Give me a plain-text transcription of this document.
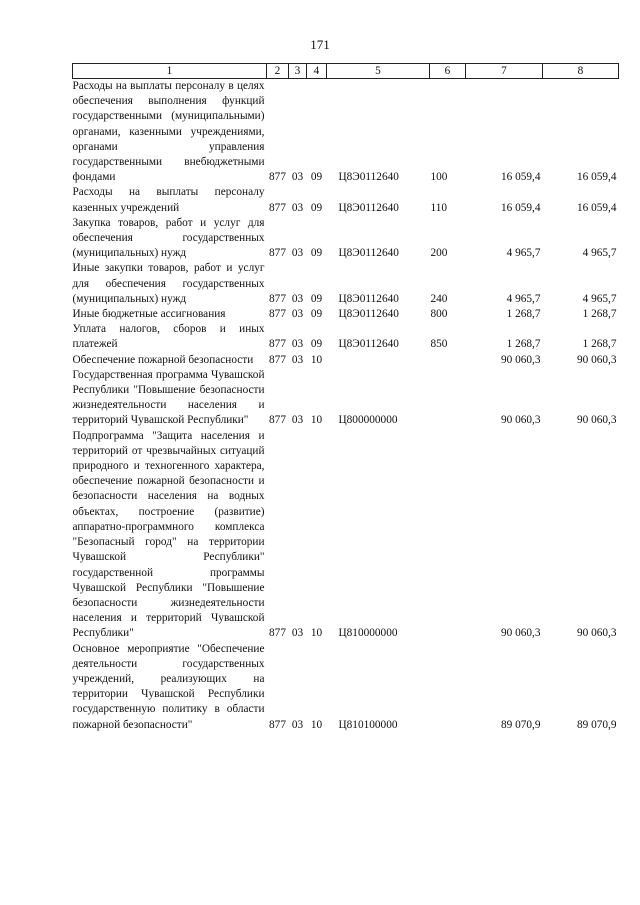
171
1	2	3	4	5	6	7	8
Расходы на выплаты персоналу в целях обеспечения выполнения функций государственными (муниципальными) органами, казенными учреждениями, органами управления государственными внебюджетными фондами	877	03	09	Ц8Э0112640	100	16 059,4	16 059,4
Расходы на выплаты персоналу казенных учреждений	877	03	09	Ц8Э0112640	110	16 059,4	16 059,4
Закупка товаров, работ и услуг для обеспечения государственных (муниципальных) нужд	877	03	09	Ц8Э0112640	200	4 965,7	4 965,7
Иные закупки товаров, работ и услуг для обеспечения государственных (муниципальных) нужд	877	03	09	Ц8Э0112640	240	4 965,7	4 965,7
Иные бюджетные ассигнования	877	03	09	Ц8Э0112640	800	1 268,7	1 268,7
Уплата налогов, сборов и иных платежей	877	03	09	Ц8Э0112640	850	1 268,7	1 268,7
Обеспечение пожарной безопасности	877	03	10			90 060,3	90 060,3
Государственная программа Чувашской Республики "Повышение безопасности жизнедеятельности населения и территорий Чувашской Республики"	877	03	10	Ц800000000		90 060,3	90 060,3
Подпрограмма "Защита населения и территорий от чрезвычайных ситуаций природного и техногенного характера, обеспечение пожарной безопасности и безопасности населения на водных объектах, построение (развитие) аппаратно-программного комплекса "Безопасный город" на территории Чувашской Республики" государственной программы Чувашской Республики "Повышение безопасности жизнедеятельности населения и территорий Чувашской Республики"	877	03	10	Ц810000000		90 060,3	90 060,3
Основное мероприятие "Обеспечение деятельности государственных учреждений, реализующих на территории Чувашской Республики государственную политику в области пожарной безопасности"	877	03	10	Ц810100000		89 070,9	89 070,9
